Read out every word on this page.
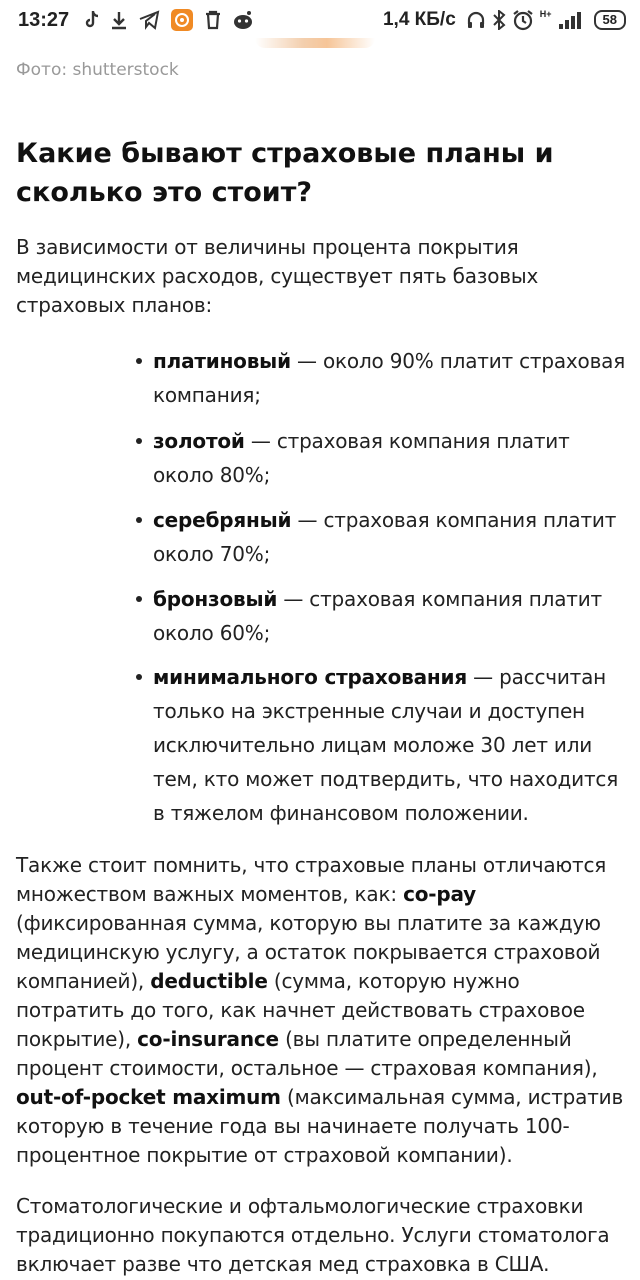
13:27	1,4 КБ/с	H+	58
Фото: shutterstock
Какие бывают страховые планы и сколько это стоит?

В зависимости от величины процента покрытия медицинских расходов, существует пять базовых страховых планов:

платиновый — около 90% платит страховая компания;
золотой — страховая компания платит около 80%;
серебряный — страховая компания платит около 70%;
бронзовый — страховая компания платит около 60%;
минимального страхования — рассчитан только на экстренные случаи и доступен исключительно лицам моложе 30 лет или тем, кто может подтвердить, что находится в тяжелом финансовом положении.

Также стоит помнить, что страховые планы отличаются множеством важных моментов, как: co-pay (фиксированная сумма, которую вы платите за каждую медицинскую услугу, а остаток покрывается страховой компанией), deductible (сумма, которую нужно потратить до того, как начнет действовать страховое покрытие), co-insurance (вы платите определенный процент стоимости, остальное — страховая компания), out-of-pocket maximum (максимальная сумма, истратив которую в течение года вы начинаете получать 100-процентное покрытие от страховой компании).

Стоматологические и офтальмологические страховки традиционно покупаются отдельно. Услуги стоматолога включает разве что детская мед страховка в США.
